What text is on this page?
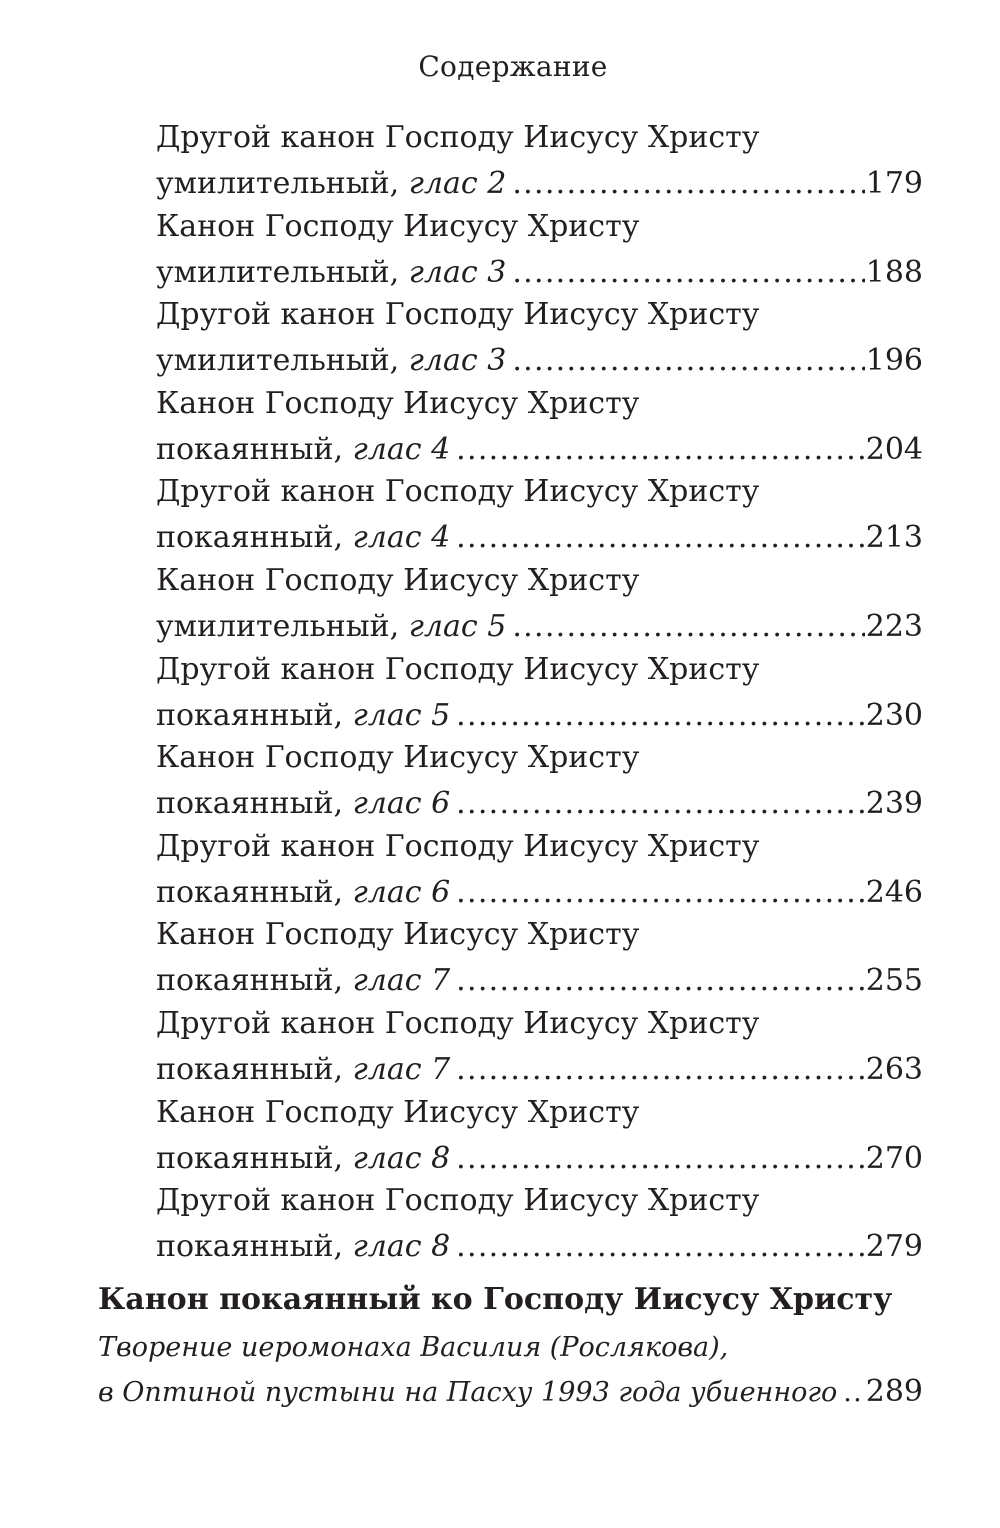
Содержание
Другой канон Господу Иисусу Христу
умилительный,
глас 2 .....	179
Канон Господу Иисусу Христу
умилительный,
глас 3 .....	188
Другой канон Господу Иисусу Христу
умилительный,
глас 3 .....	196
Канон Господу Иисусу Христу
покаянный,
глас 4 .....	204
Другой канон Господу Иисусу Христу
покаянный,
глас 4 .....	213
Канон Господу Иисусу Христу
умилительный,
глас 5 .....	223
Другой канон Господу Иисусу Христу
покаянный,
глас 5 .....	230
Канон Господу Иисусу Христу
покаянный,
глас 6 .....	239
Другой канон Господу Иисусу Христу
покаянный,
глас 6 .....	246
Канон Господу Иисусу Христу
покаянный,
глас 7 .....	255
Другой канон Господу Иисусу Христу
покаянный,
глас 7 .....	263
Канон Господу Иисусу Христу
покаянный,
глас 8 .....	270
Другой канон Господу Иисусу Христу
покаянный,
глас 8 .....	279
Канон покаянный ко Господу Иисусу Христу
Творение иеромонаха Василия (Рослякова),
в Оптиной пустыни на Пасху 1993 года убиенного ..... 289
